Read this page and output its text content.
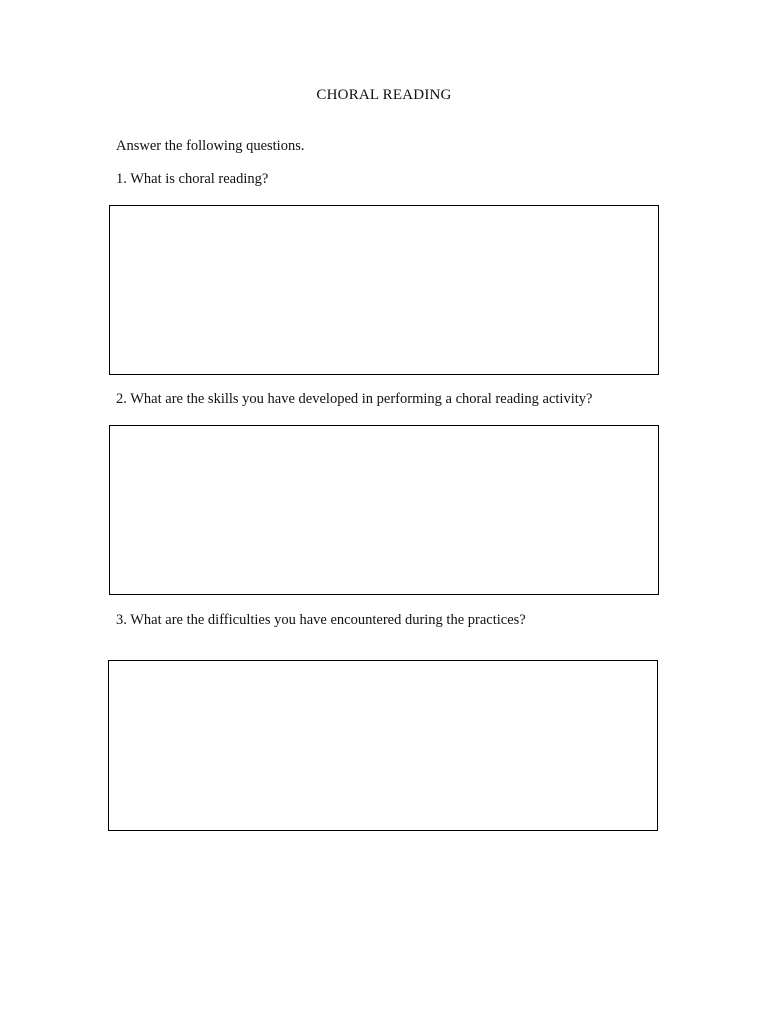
CHORAL READING
Answer the following questions.
1. What is choral reading?
2. What are the skills you have developed in performing a choral reading activity?
3. What are the difficulties you have encountered during the practices?
